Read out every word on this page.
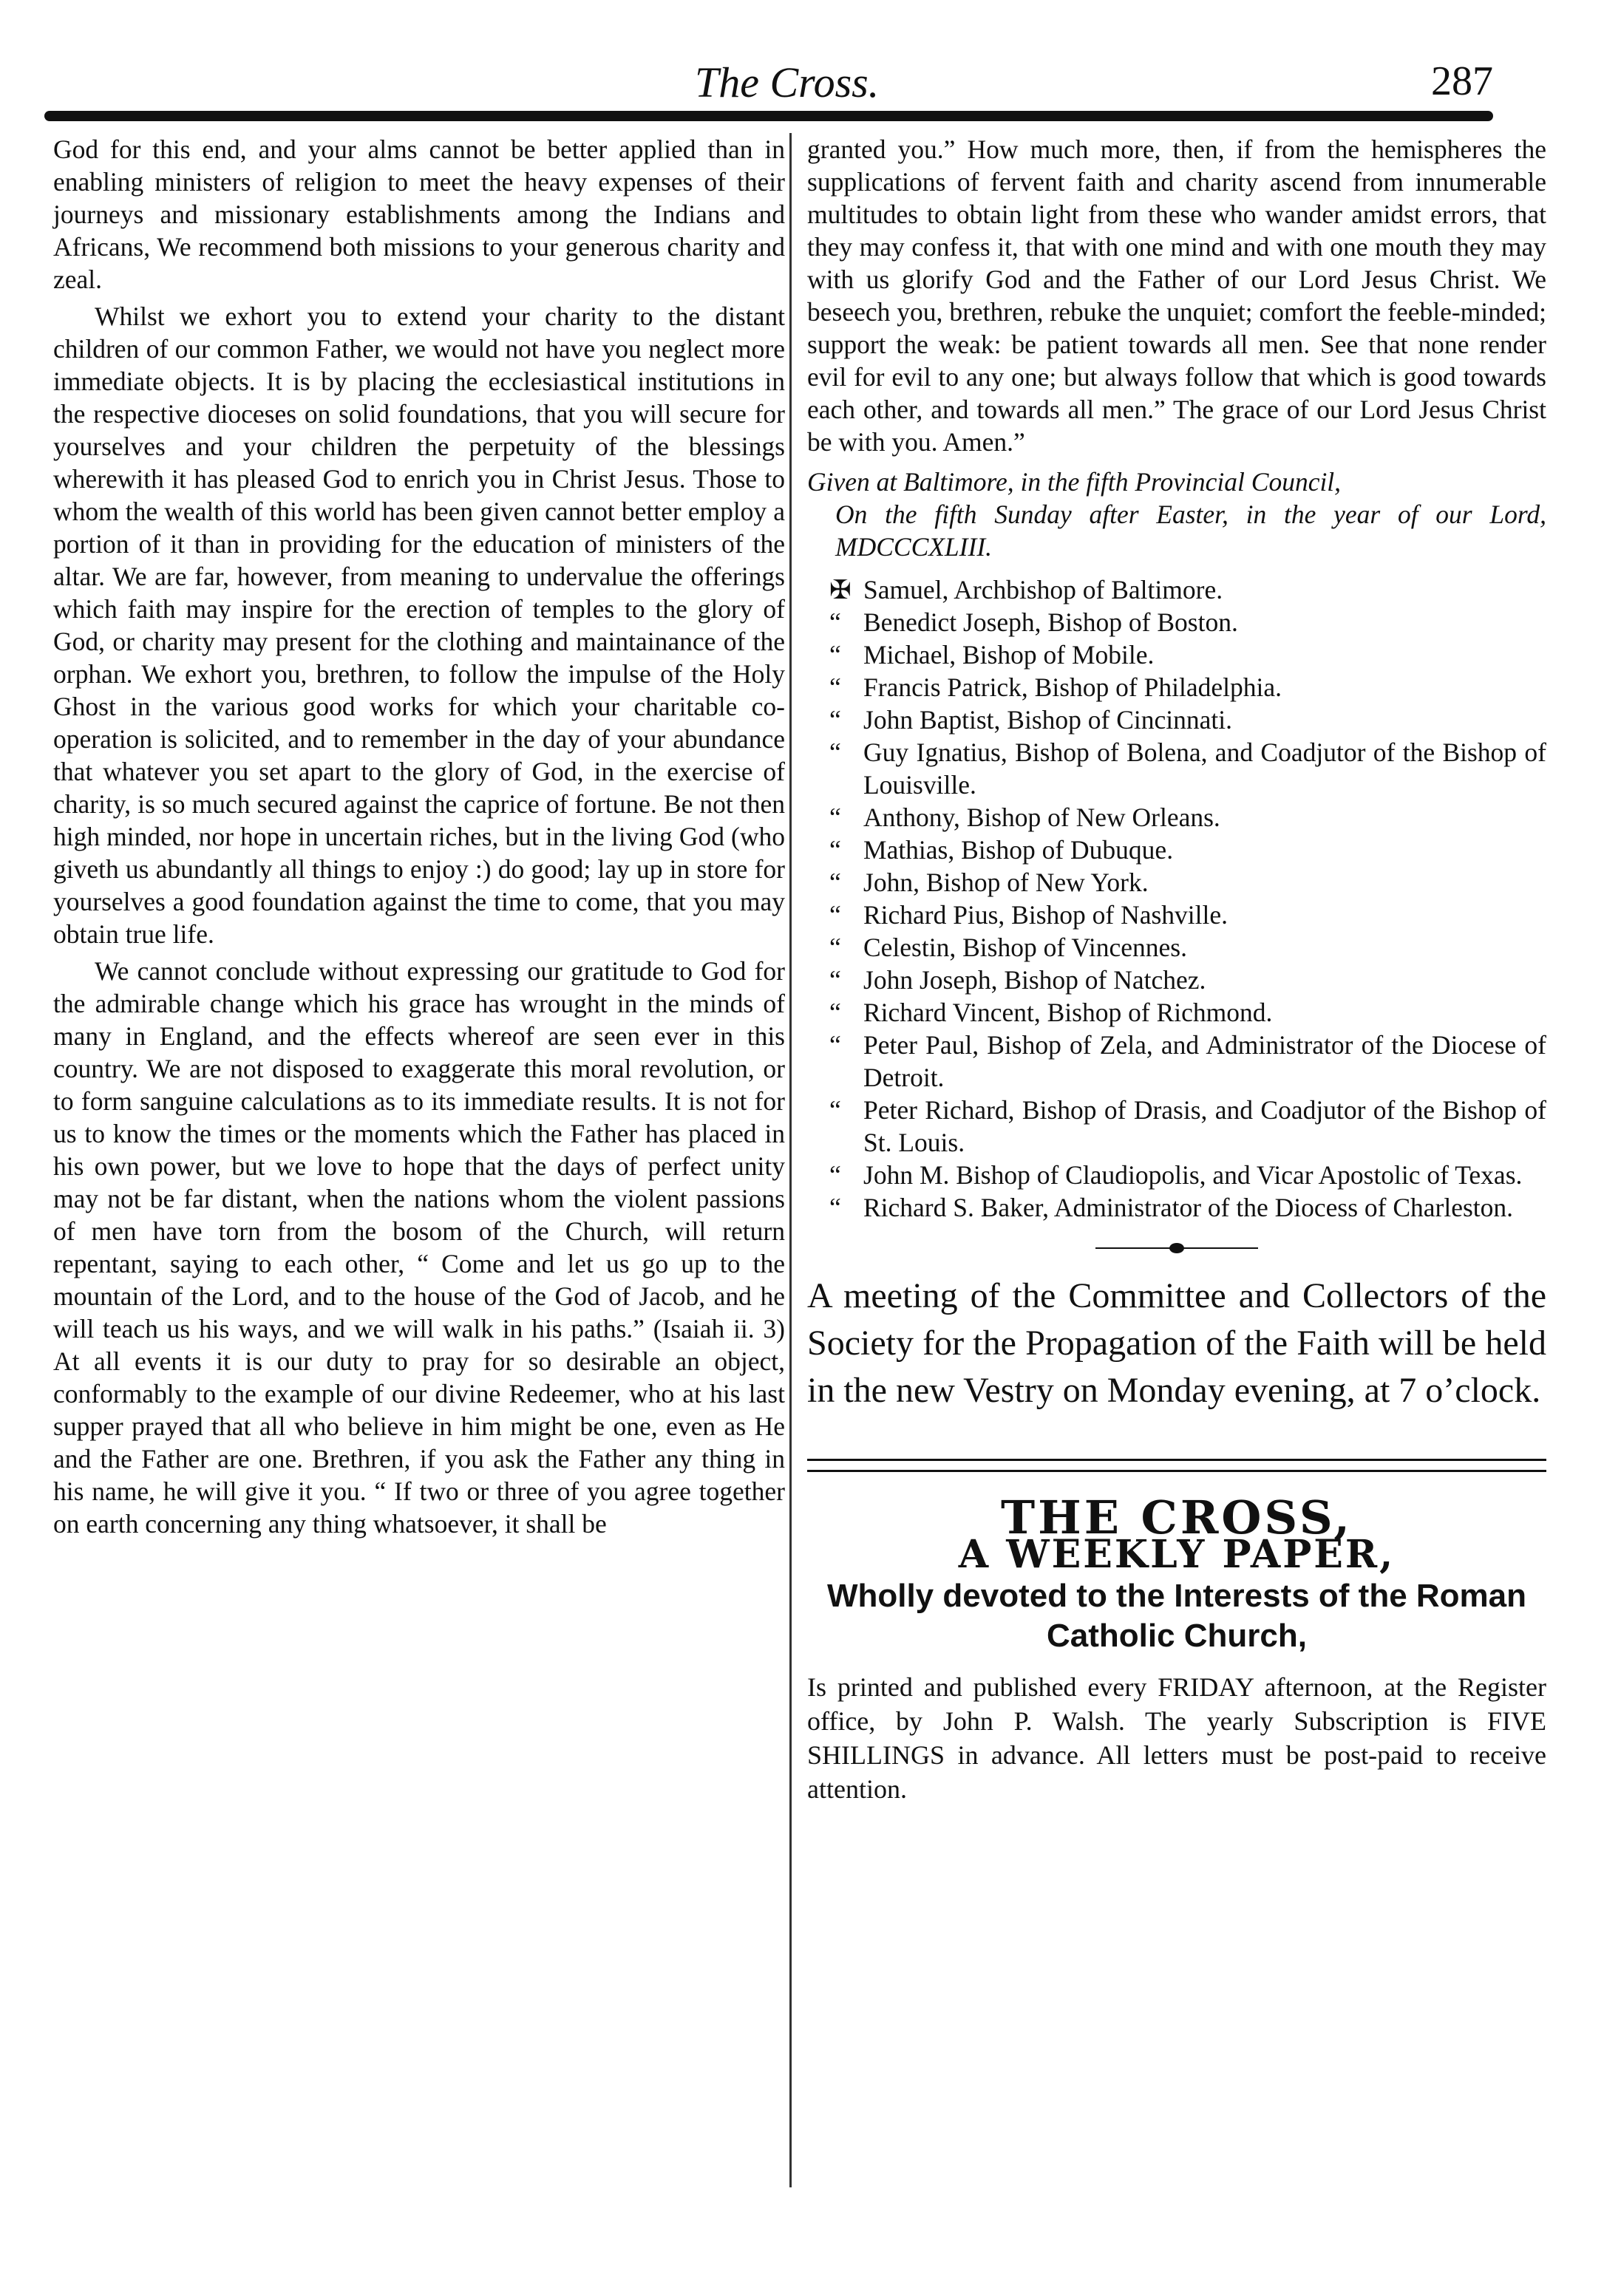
The Cross.	287

God for this end, and your alms cannot be better applied than in enabling ministers of religion to meet the heavy expenses of their journeys and missionary establishments among the Indians and Africans, We recommend both missions to your generous charity and zeal.

Whilst we exhort you to extend your charity to the distant children of our common Father, we would not have you neglect more immediate objects. It is by placing the ecclesiastical institutions in the respective dioceses on solid foundations, that you will secure for yourselves and your children the perpetuity of the blessings wherewith it has pleased God to enrich you in Christ Jesus. Those to whom the wealth of this world has been given cannot better employ a portion of it than in providing for the education of ministers of the altar. We are far, however, from meaning to undervalue the offerings which faith may inspire for the erection of temples to the glory of God, or charity may present for the clothing and maintainance of the orphan. We exhort you, brethren, to follow the impulse of the Holy Ghost in the various good works for which your charitable co-operation is solicited, and to remember in the day of your abundance that whatever you set apart to the glory of God, in the exercise of charity, is so much secured against the caprice of fortune. Be not then high minded, nor hope in uncertain riches, but in the living God (who giveth us abundantly all things to enjoy :) do good; lay up in store for yourselves a good foundation against the time to come, that you may obtain true life.

We cannot conclude without expressing our gratitude to God for the admirable change which his grace has wrought in the minds of many in England, and the effects whereof are seen ever in this country. We are not disposed to exaggerate this moral revolution, or to form sanguine calculations as to its immediate results. It is not for us to know the times or the moments which the Father has placed in his own power, but we love to hope that the days of perfect unity may not be far distant, when the nations whom the violent passions of men have torn from the bosom of the Church, will return repentant, saying to each other, “ Come and let us go up to the mountain of the Lord, and to the house of the God of Jacob, and he will teach us his ways, and we will walk in his paths.” (Isaiah ii. 3) At all events it is our duty to pray for so desirable an object, conformably to the example of our divine Redeemer, who at his last supper prayed that all who believe in him might be one, even as He and the Father are one. Brethren, if you ask the Father any thing in his name, he will give it you. “ If two or three of you agree together on earth concerning any thing whatsoever, it shall be

granted you.” How much more, then, if from the hemispheres the supplications of fervent faith and charity ascend from innumerable multitudes to obtain light from these who wander amidst errors, that they may confess it, that with one mind and with one mouth they may with us glorify God and the Father of our Lord Jesus Christ. We beseech you, brethren, rebuke the unquiet; comfort the feeble-minded; support the weak: be patient towards all men. See that none render evil for evil to any one; but always follow that which is good towards each other, and towards all men.” The grace of our Lord Jesus Christ be with you. Amen.”

Given at Baltimore, in the fifth Provincial Council,
On the fifth Sunday after Easter, in the year of our Lord, MDCCCXLIII.
✠ Samuel, Archbishop of Baltimore.
“ Benedict Joseph, Bishop of Boston.
“ Michael, Bishop of Mobile.
“ Francis Patrick, Bishop of Philadelphia.
“ John Baptist, Bishop of Cincinnati.
“ Guy Ignatius, Bishop of Bolena, and Coadjutor of the Bishop of Louisville.
“ Anthony, Bishop of New Orleans.
“ Mathias, Bishop of Dubuque.
“ John, Bishop of New York.
“ Richard Pius, Bishop of Nashville.
“ Celestin, Bishop of Vincennes.
“ John Joseph, Bishop of Natchez.
“ Richard Vincent, Bishop of Richmond.
“ Peter Paul, Bishop of Zela, and Administrator of the Diocese of Detroit.
“ Peter Richard, Bishop of Drasis, and Coadjutor of the Bishop of St. Louis.
“ John M. Bishop of Claudiopolis, and Vicar Apostolic of Texas.
“ Richard S. Baker, Administrator of the Diocess of Charleston.

A meeting of the Committee and Collectors of the Society for the Propagation of the Faith will be held in the new Vestry on Monday evening, at 7 o’clock.

THE CROSS,
A WEEKLY PAPER,
Wholly devoted to the Interests of the Roman
Catholic Church,

Is printed and published every FRIDAY afternoon, at the Register office, by John P. Walsh. The yearly Subscription is FIVE SHILLINGS in advance. All letters must be post-paid to receive attention.
